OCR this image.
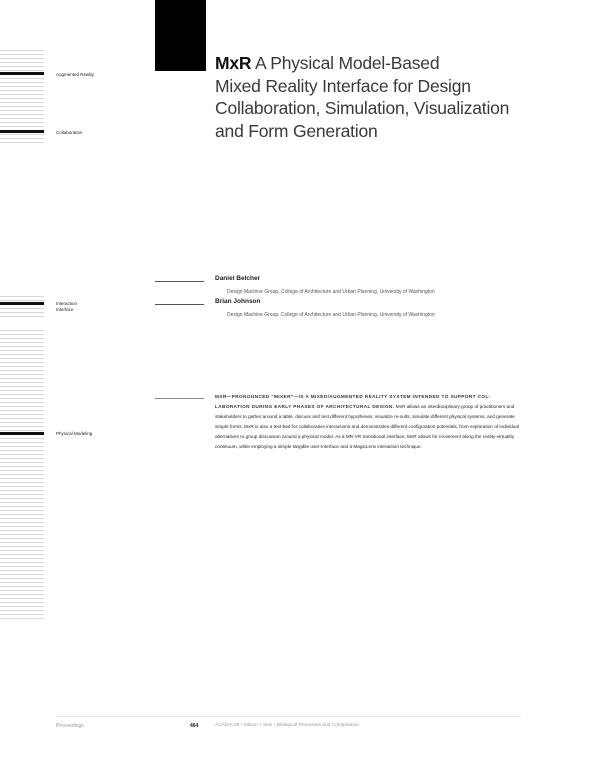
Augmented Reality
Collaboration
Interaction
Interface
Physical Modeling
MxR A Physical Model-Based
Mixed Reality Interface for Design
Collaboration, Simulation, Visualization
and Form Generation
Daniel Belcher
Design Machine Group, College of Architecture and Urban Planning, University of Washington
Brian Johnson
Design Machine Group, College of Architecture and Urban Planning, University of Washington
MXR—PRONOUNCED “MIXER”—IS A MIXED/AUGMENTED REALITY SYSTEM INTENDED TO SUPPORT COL-LABORATION DURING EARLY PHASES OF ARCHITECTURAL DESIGN. MxR allows an interdisciplinary group of practitioners and stakeholders to gather around a table, discuss and test different hypotheses, visualize re-sults, simulate different physical systems, and generate simple forms. MxR is also a test-bed for collaborative interactions and demonstrates different configuration potentials, from exploration of individual alternatives to group discussion around a physical model. As a MR-VR transitional interface, MxR allows for movement along the reality-virtuality continuum, while employing a simple tangible user-interface and a MagicLens interaction technique.
Proceedings	464	ACADIA 08 › Silicon + Skin › Biological Processes and Computation
